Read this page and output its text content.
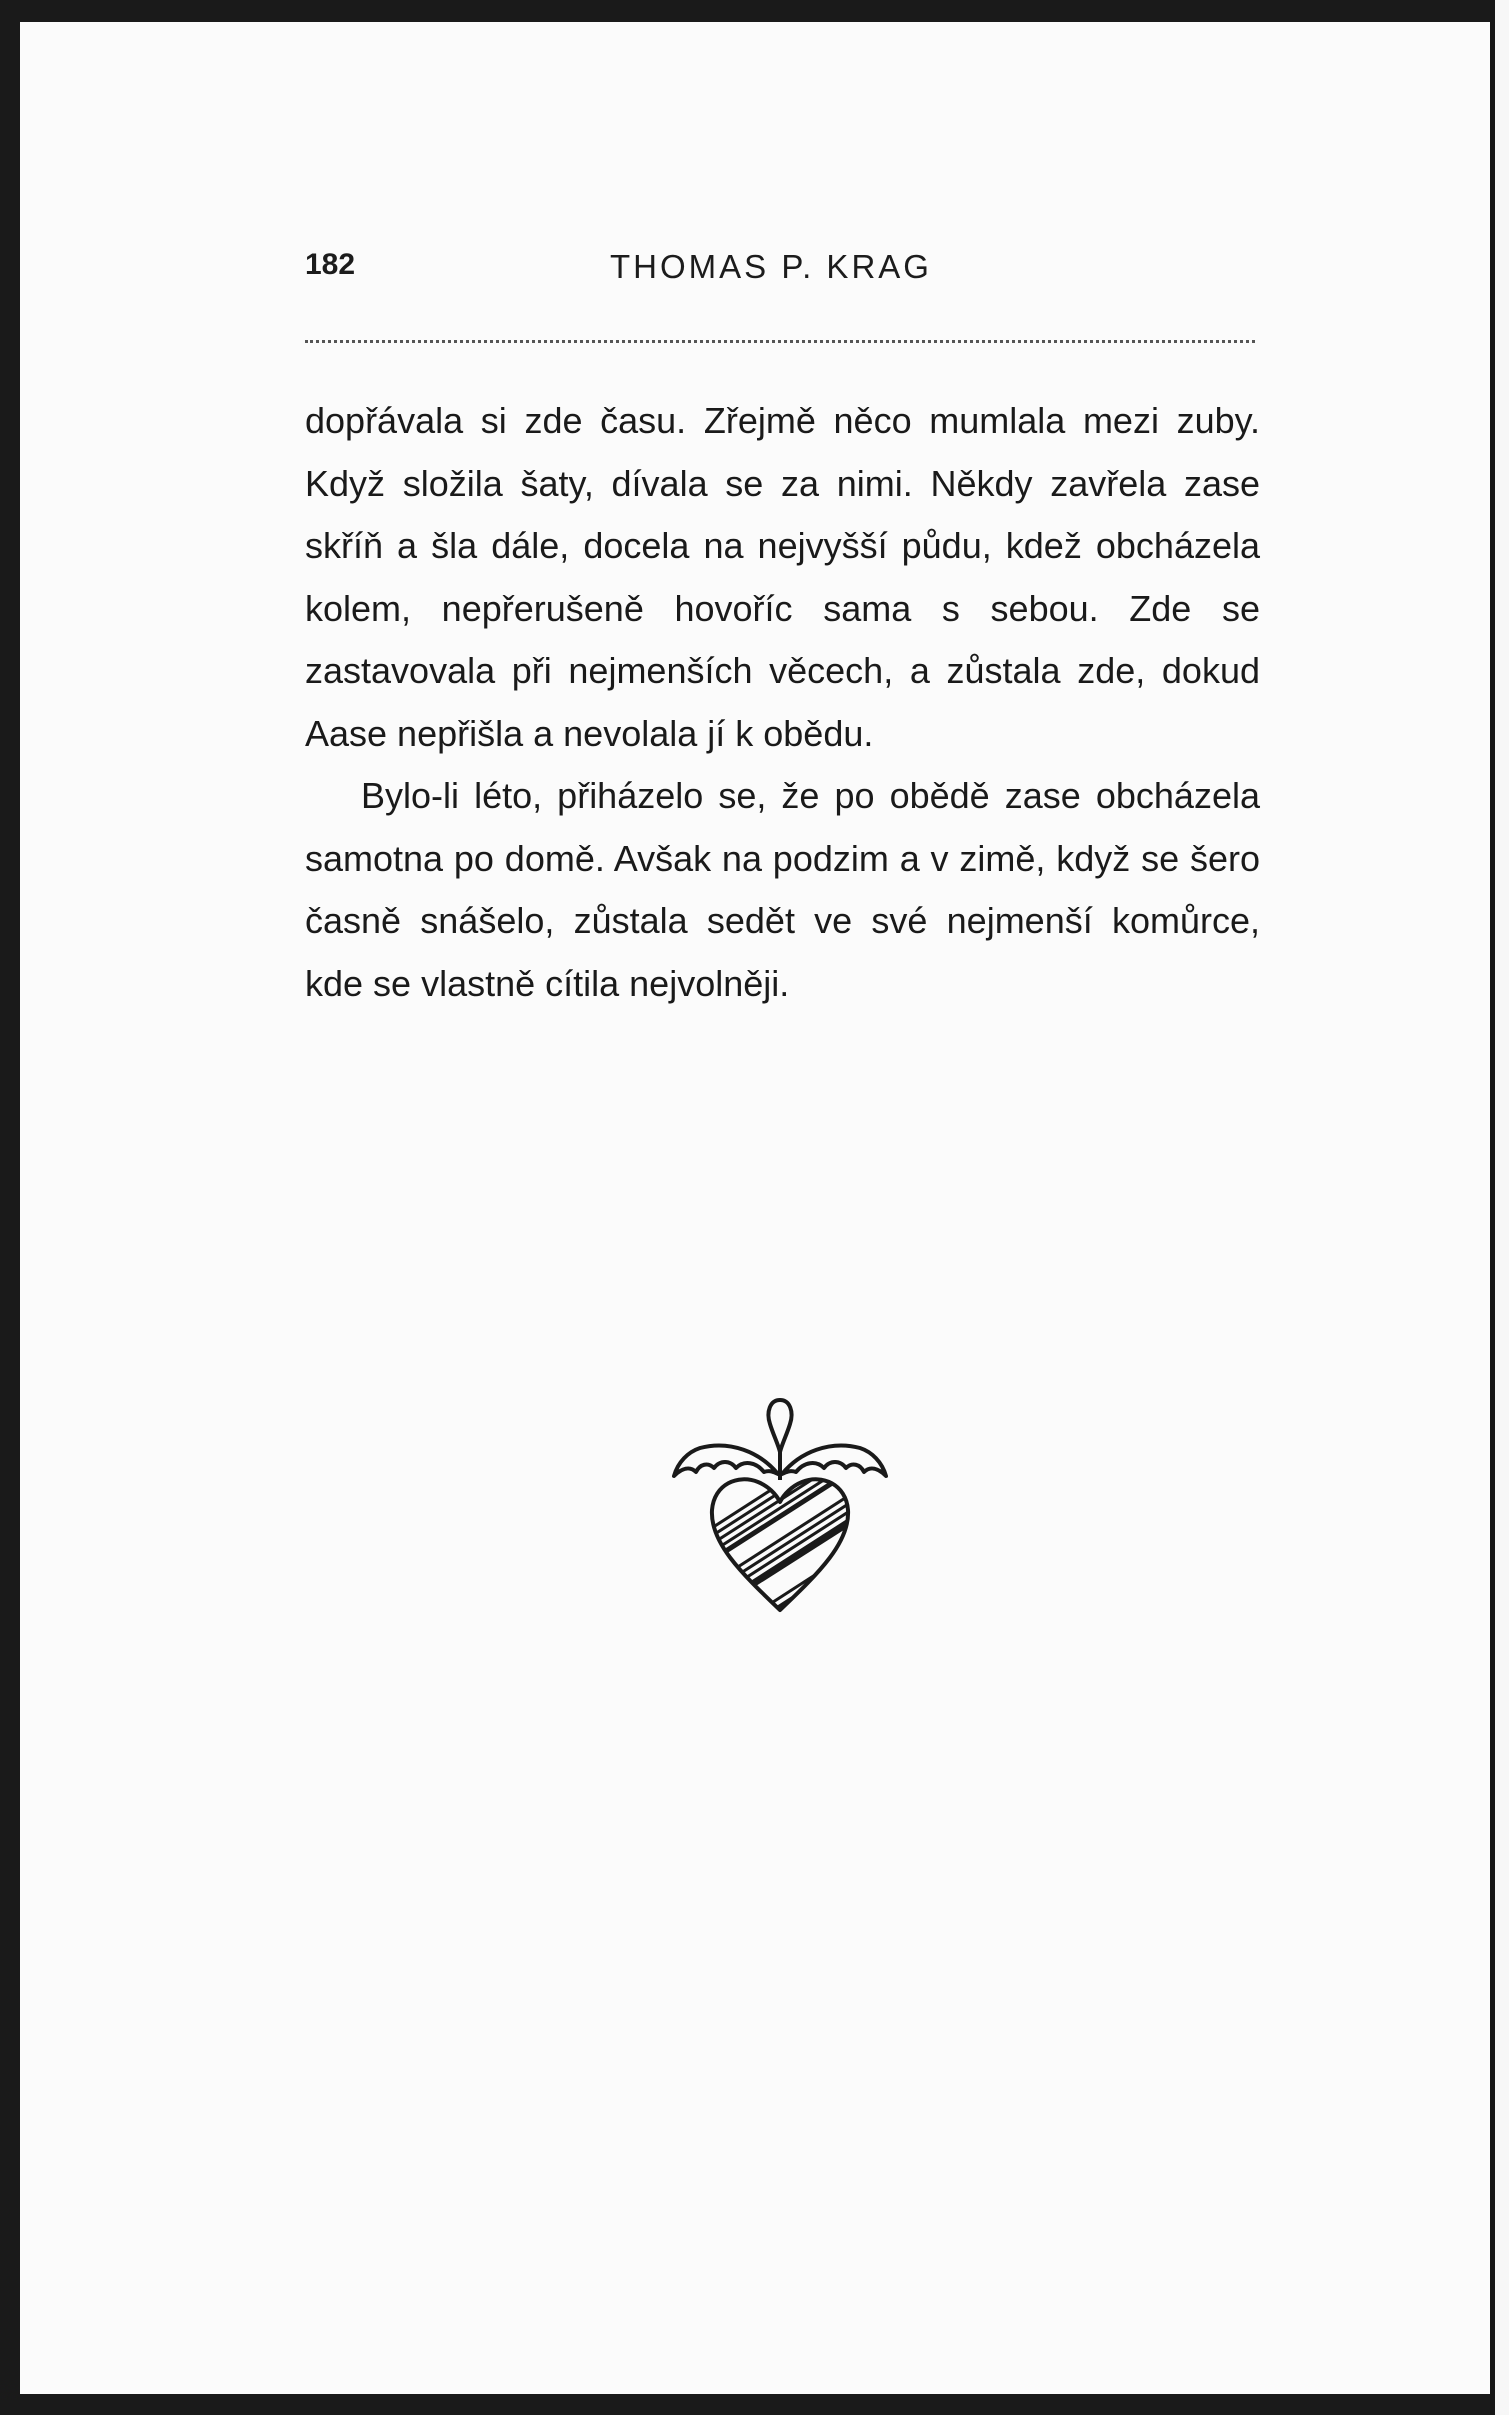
182	THOMAS P. KRAG

dopřávala si zde času. Zřejmě něco mumlala mezi zuby. Když složila šaty, dívala se za nimi. Někdy zavřela zase skříň a šla dále, docela na nejvyšší půdu, kdež obcházela kolem, nepřerušeně hovoříc sama s sebou. Zde se zastavovala při nejmenších věcech, a zůstala zde, dokud Aase nepřišla a nevolala jí k obědu.

Bylo-li léto, přiházelo se, že po obědě zase obcházela samotna po domě. Avšak na podzim a v zimě, když se šero časně snášelo, zůstala sedět ve své nejmenší komůrce, kde se vlastně cítila nejvolněji.
